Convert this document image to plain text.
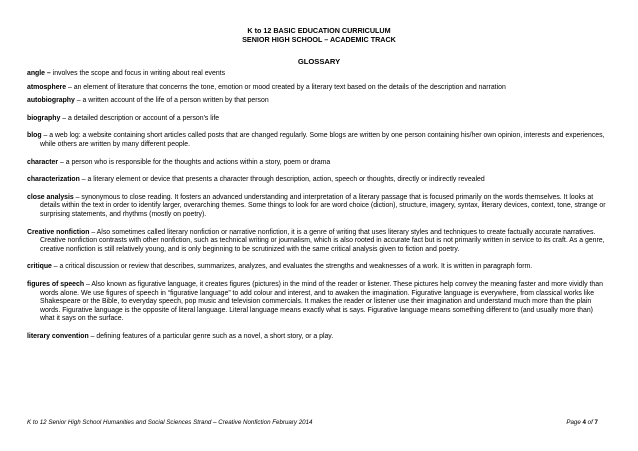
K to 12 BASIC EDUCATION CURRICULUM
SENIOR HIGH SCHOOL – ACADEMIC TRACK
GLOSSARY
angle – involves the scope and focus in writing about real events
atmosphere – an element of literature that concerns the tone, emotion or mood created by a literary text based on the details of the description and narration
autobiography – a written account of the life of a person written by that person
biography – a detailed description or account of a person's life
blog – a web log: a website containing short articles called posts that are changed regularly. Some blogs are written by one person containing his/her own opinion, interests and experiences, while others are written by many different people.
character – a person who is responsible for the thoughts and actions within a story, poem or drama
characterization – a literary element or device that presents a character through description, action, speech or thoughts, directly or indirectly revealed
close analysis – synonymous to close reading. It fosters an advanced understanding and interpretation of a literary passage that is focused primarily on the words themselves. It looks at details within the text in order to identify larger, overarching themes. Some things to look for are word choice (diction), structure, imagery, syntax, literary devices, context, tone, strange or surprising statements, and rhythms (mostly on poetry).
Creative nonfiction – Also sometimes called literary nonfiction or narrative nonfiction, it is a genre of writing that uses literary styles and techniques to create factually accurate narratives. Creative nonfiction contrasts with other nonfiction, such as technical writing or journalism, which is also rooted in accurate fact but is not primarily written in service to its craft. As a genre, creative nonfiction is still relatively young, and is only beginning to be scrutinized with the same critical analysis given to fiction and poetry.
critique – a critical discussion or review that describes, summarizes, analyzes, and evaluates the strengths and weaknesses of a work. It is written in paragraph form.
figures of speech – Also known as figurative language, it creates figures (pictures) in the mind of the reader or listener. These pictures help convey the meaning faster and more vividly than words alone. We use figures of speech in “figurative language” to add colour and interest, and to awaken the imagination. Figurative language is everywhere, from classical works like Shakespeare or the Bible, to everyday speech, pop music and television commercials. It makes the reader or listener use their imagination and understand much more than the plain words. Figurative language is the opposite of literal language. Literal language means exactly what is says. Figurative language means something different to (and usually more than) what it says on the surface.
literary convention – defining features of a particular genre such as a novel, a short story, or a play.
K to 12 Senior High School Humanities and Social Sciences Strand – Creative Nonfiction February 2014	Page 4 of 7
